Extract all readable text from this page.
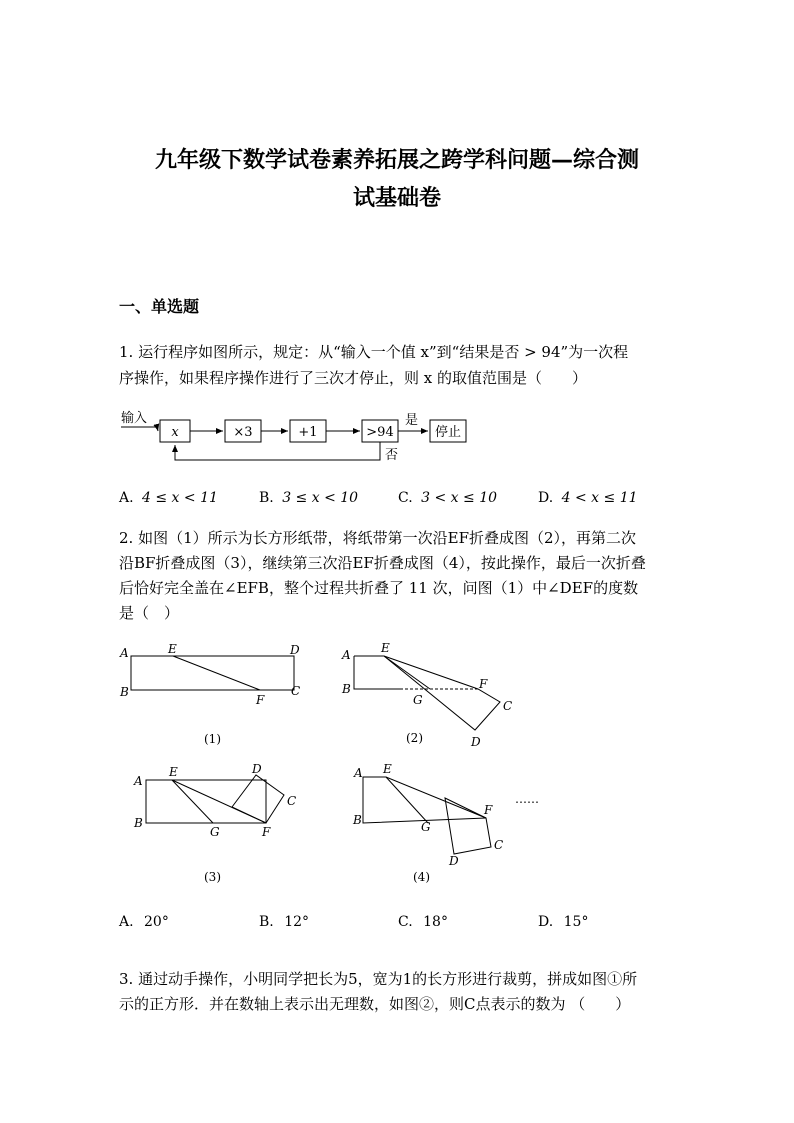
九年级下数学试卷素养拓展之跨学科问题—综合测
试基础卷
一、单选题
1. 运行程序如图所示，规定：从“输入一个值 x”到“结果是否 > 94”为一次程
序操作，如果程序操作进行了三次才停止，则 x 的取值范围是（　　）
输入
x	×3	+1	>94
是
停止
否
A. 4 ≤ x < 11	B. 3 ≤ x < 10	C. 3 < x ≤ 10	D. 4 < x ≤ 11
2. 如图（1）所示为长方形纸带，将纸带第一次沿EF折叠成图（2），再第二次
沿BF折叠成图（3），继续第三次沿EF折叠成图（4），按此操作，最后一次折叠
后恰好完全盖在∠EFB，整个过程共折叠了 11 次，问图（1）中∠DEF的度数
是（　）
A
B
E	D
C
F
A
B
E
G
F
C
D
A
B
E
G	F
D
C
A
B
E
G
F
C
D
(1)	(2)
(3)	(4)
……
A. 20°	B. 12°	C. 18°	D. 15°
3. 通过动手操作，小明同学把长为5，宽为1的长方形进行裁剪，拼成如图①所
示的正方形．并在数轴上表示出无理数，如图②，则C点表示的数为 （　　）
